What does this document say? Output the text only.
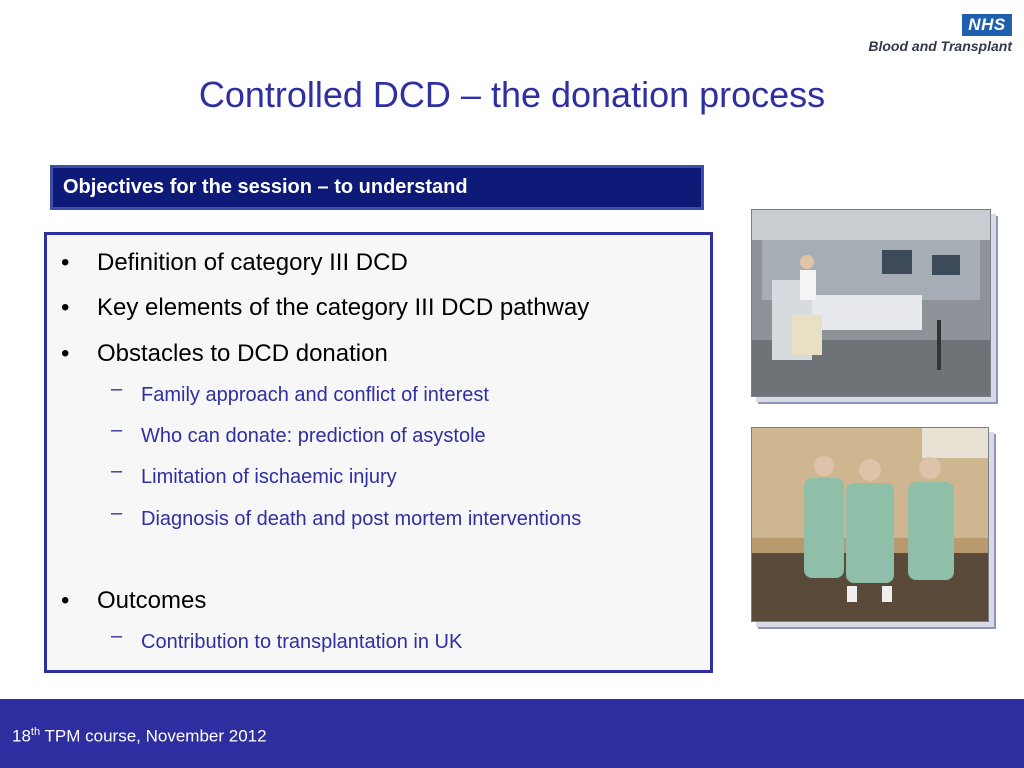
NHS
Blood and Transplant
Controlled DCD – the donation process
Objectives for the session – to understand
• Definition of category III DCD
• Key elements of the category III DCD pathway
• Obstacles to DCD donation
– Family approach and conflict of interest
– Who can donate: prediction of asystole
– Limitation of ischaemic injury
– Diagnosis of death and post mortem interventions
• Outcomes
– Contribution to transplantation in UK
18th TPM course, November 2012
